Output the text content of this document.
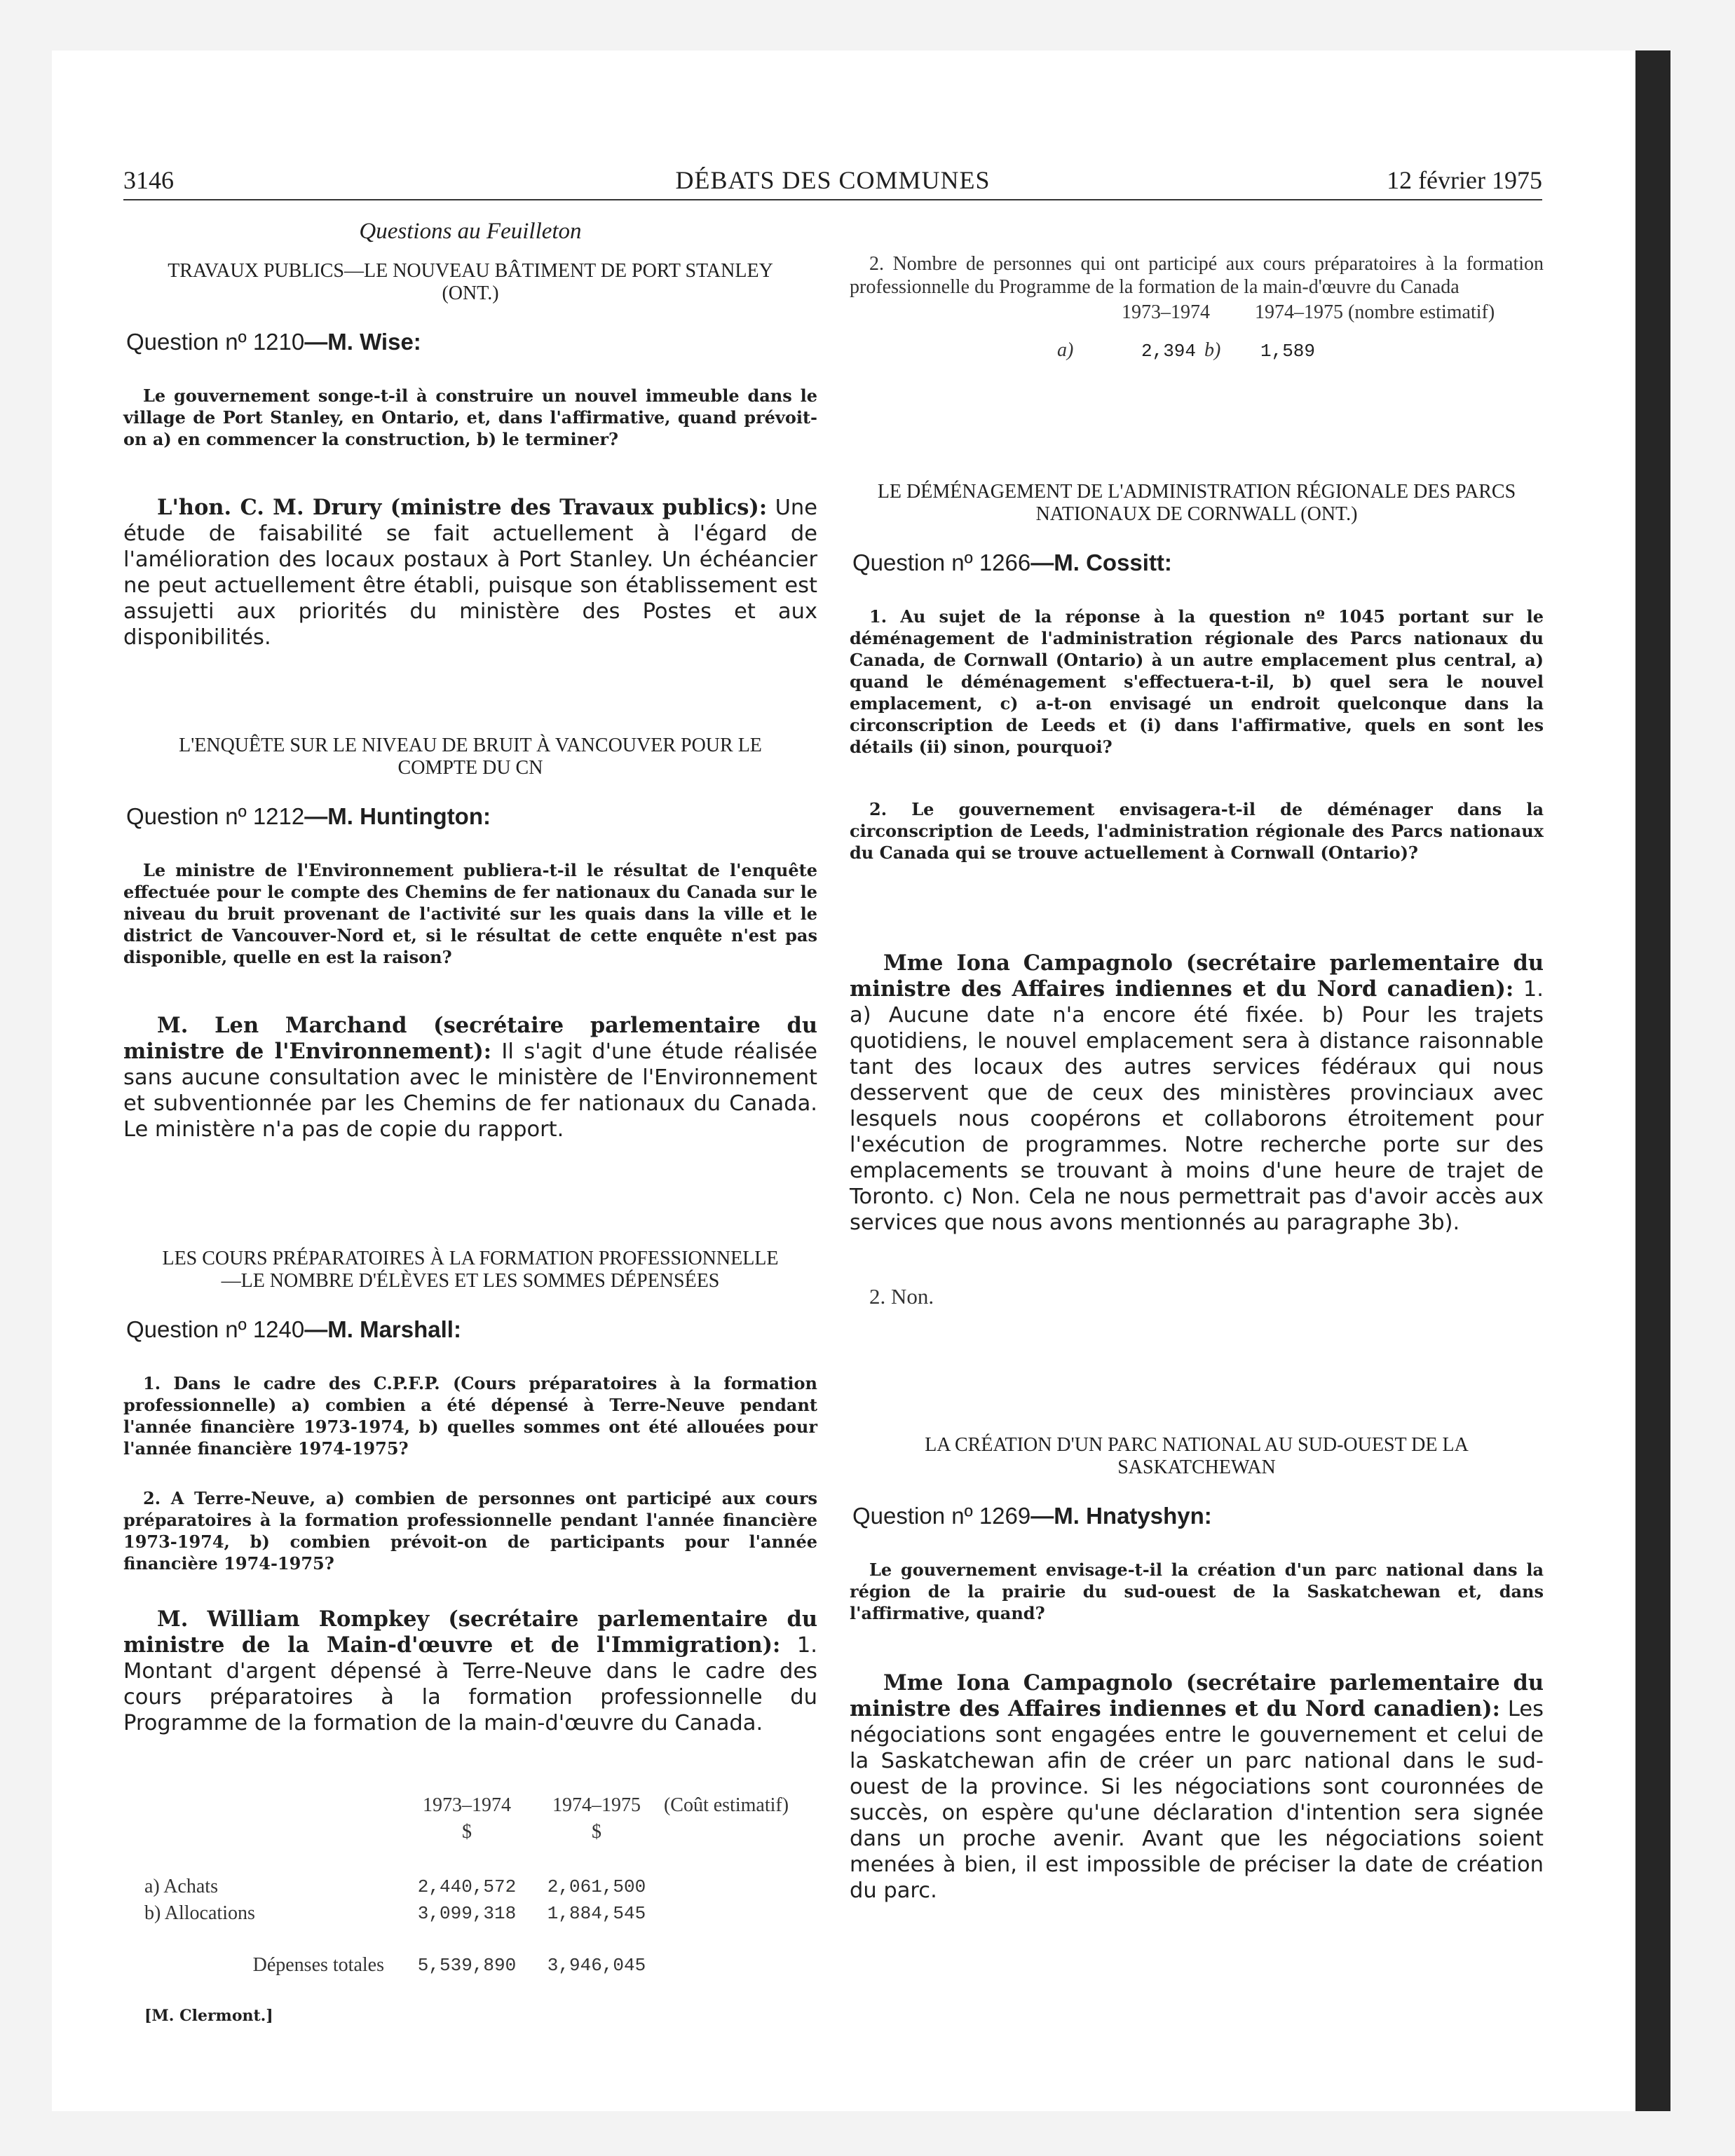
3146	DÉBATS DES COMMUNES	12 février 1975
Questions au Feuilleton
TRAVAUX PUBLICS—LE NOUVEAU BÂTIMENT DE PORT STANLEY (ONT.)
Question nº 1210—M. Wise:

Le gouvernement songe-t-il à construire un nouvel immeuble dans le village de Port Stanley, en Ontario, et, dans l'affirmative, quand prévoit-on a) en commencer la construction, b) le terminer?

L'hon. C. M. Drury (ministre des Travaux publics): Une étude de faisabilité se fait actuellement à l'égard de l'amélioration des locaux postaux à Port Stanley. Un échéancier ne peut actuellement être établi, puisque son établissement est assujetti aux priorités du ministère des Postes et aux disponibilités.

L'ENQUÊTE SUR LE NIVEAU DE BRUIT À VANCOUVER POUR LE COMPTE DU CN
Question nº 1212—M. Huntington:

Le ministre de l'Environnement publiera-t-il le résultat de l'enquête effectuée pour le compte des Chemins de fer nationaux du Canada sur le niveau du bruit provenant de l'activité sur les quais dans la ville et le district de Vancouver-Nord et, si le résultat de cette enquête n'est pas disponible, quelle en est la raison?

M. Len Marchand (secrétaire parlementaire du ministre de l'Environnement): Il s'agit d'une étude réalisée sans aucune consultation avec le ministère de l'Environnement et subventionnée par les Chemins de fer nationaux du Canada. Le ministère n'a pas de copie du rapport.

LES COURS PRÉPARATOIRES À LA FORMATION PROFESSIONNELLE—LE NOMBRE D'ÉLÈVES ET LES SOMMES DÉPENSÉES
Question nº 1240—M. Marshall:

1. Dans le cadre des C.P.F.P. (Cours préparatoires à la formation professionnelle) a) combien a été dépensé à Terre-Neuve pendant l'année financière 1973-1974, b) quelles sommes ont été allouées pour l'année financière 1974-1975?

2. A Terre-Neuve, a) combien de personnes ont participé aux cours préparatoires à la formation professionnelle pendant l'année financière 1973-1974, b) combien prévoit-on de participants pour l'année financière 1974-1975?

M. William Rompkey (secrétaire parlementaire du ministre de la Main-d'œuvre et de l'Immigration): 1. Montant d'argent dépensé à Terre-Neuve dans le cadre des cours préparatoires à la formation professionnelle du Programme de la formation de la main-d'œuvre du Canada.

	1973–1974	1974–1975	(Coût estimatif)
	$	$	

a) Achats	2,440,572	2,061,500	
b) Allocations	3,099,318	1,884,545	

Dépenses totales	5,539,890	3,946,045	
[M. Clermont.]

2. Nombre de personnes qui ont participé aux cours préparatoires à la formation professionnelle du Programme de la formation de la main-d'œuvre du Canada

1973–1974	1974–1975 (nombre estimatif)
a)	2,394 b)	1,589
LE DÉMÉNAGEMENT DE L'ADMINISTRATION RÉGIONALE DES PARCS NATIONAUX DE CORNWALL (ONT.)
Question nº 1266—M. Cossitt:

1. Au sujet de la réponse à la question nº 1045 portant sur le déménagement de l'administration régionale des Parcs nationaux du Canada, de Cornwall (Ontario) à un autre emplacement plus central, a) quand le déménagement s'effectuera-t-il, b) quel sera le nouvel emplacement, c) a-t-on envisagé un endroit quelconque dans la circonscription de Leeds et (i) dans l'affirmative, quels en sont les détails (ii) sinon, pourquoi?

2. Le gouvernement envisagera-t-il de déménager dans la circonscription de Leeds, l'administration régionale des Parcs nationaux du Canada qui se trouve actuellement à Cornwall (Ontario)?

Mme Iona Campagnolo (secrétaire parlementaire du ministre des Affaires indiennes et du Nord canadien): 1. a) Aucune date n'a encore été fixée. b) Pour les trajets quotidiens, le nouvel emplacement sera à distance raisonnable tant des locaux des autres services fédéraux qui nous desservent que de ceux des ministères provinciaux avec lesquels nous coopérons et collaborons étroitement pour l'exécution de programmes. Notre recherche porte sur des emplacements se trouvant à moins d'une heure de trajet de Toronto. c) Non. Cela ne nous permettrait pas d'avoir accès aux services que nous avons mentionnés au paragraphe 3b).

2. Non.

LA CRÉATION D'UN PARC NATIONAL AU SUD-OUEST DE LA SASKATCHEWAN
Question nº 1269—M. Hnatyshyn:

Le gouvernement envisage-t-il la création d'un parc national dans la région de la prairie du sud-ouest de la Saskatchewan et, dans l'affirmative, quand?

Mme Iona Campagnolo (secrétaire parlementaire du ministre des Affaires indiennes et du Nord canadien): Les négociations sont engagées entre le gouvernement et celui de la Saskatchewan afin de créer un parc national dans le sud-ouest de la province. Si les négociations sont couronnées de succès, on espère qu'une déclaration d'intention sera signée dans un proche avenir. Avant que les négociations soient menées à bien, il est impossible de préciser la date de création du parc.
